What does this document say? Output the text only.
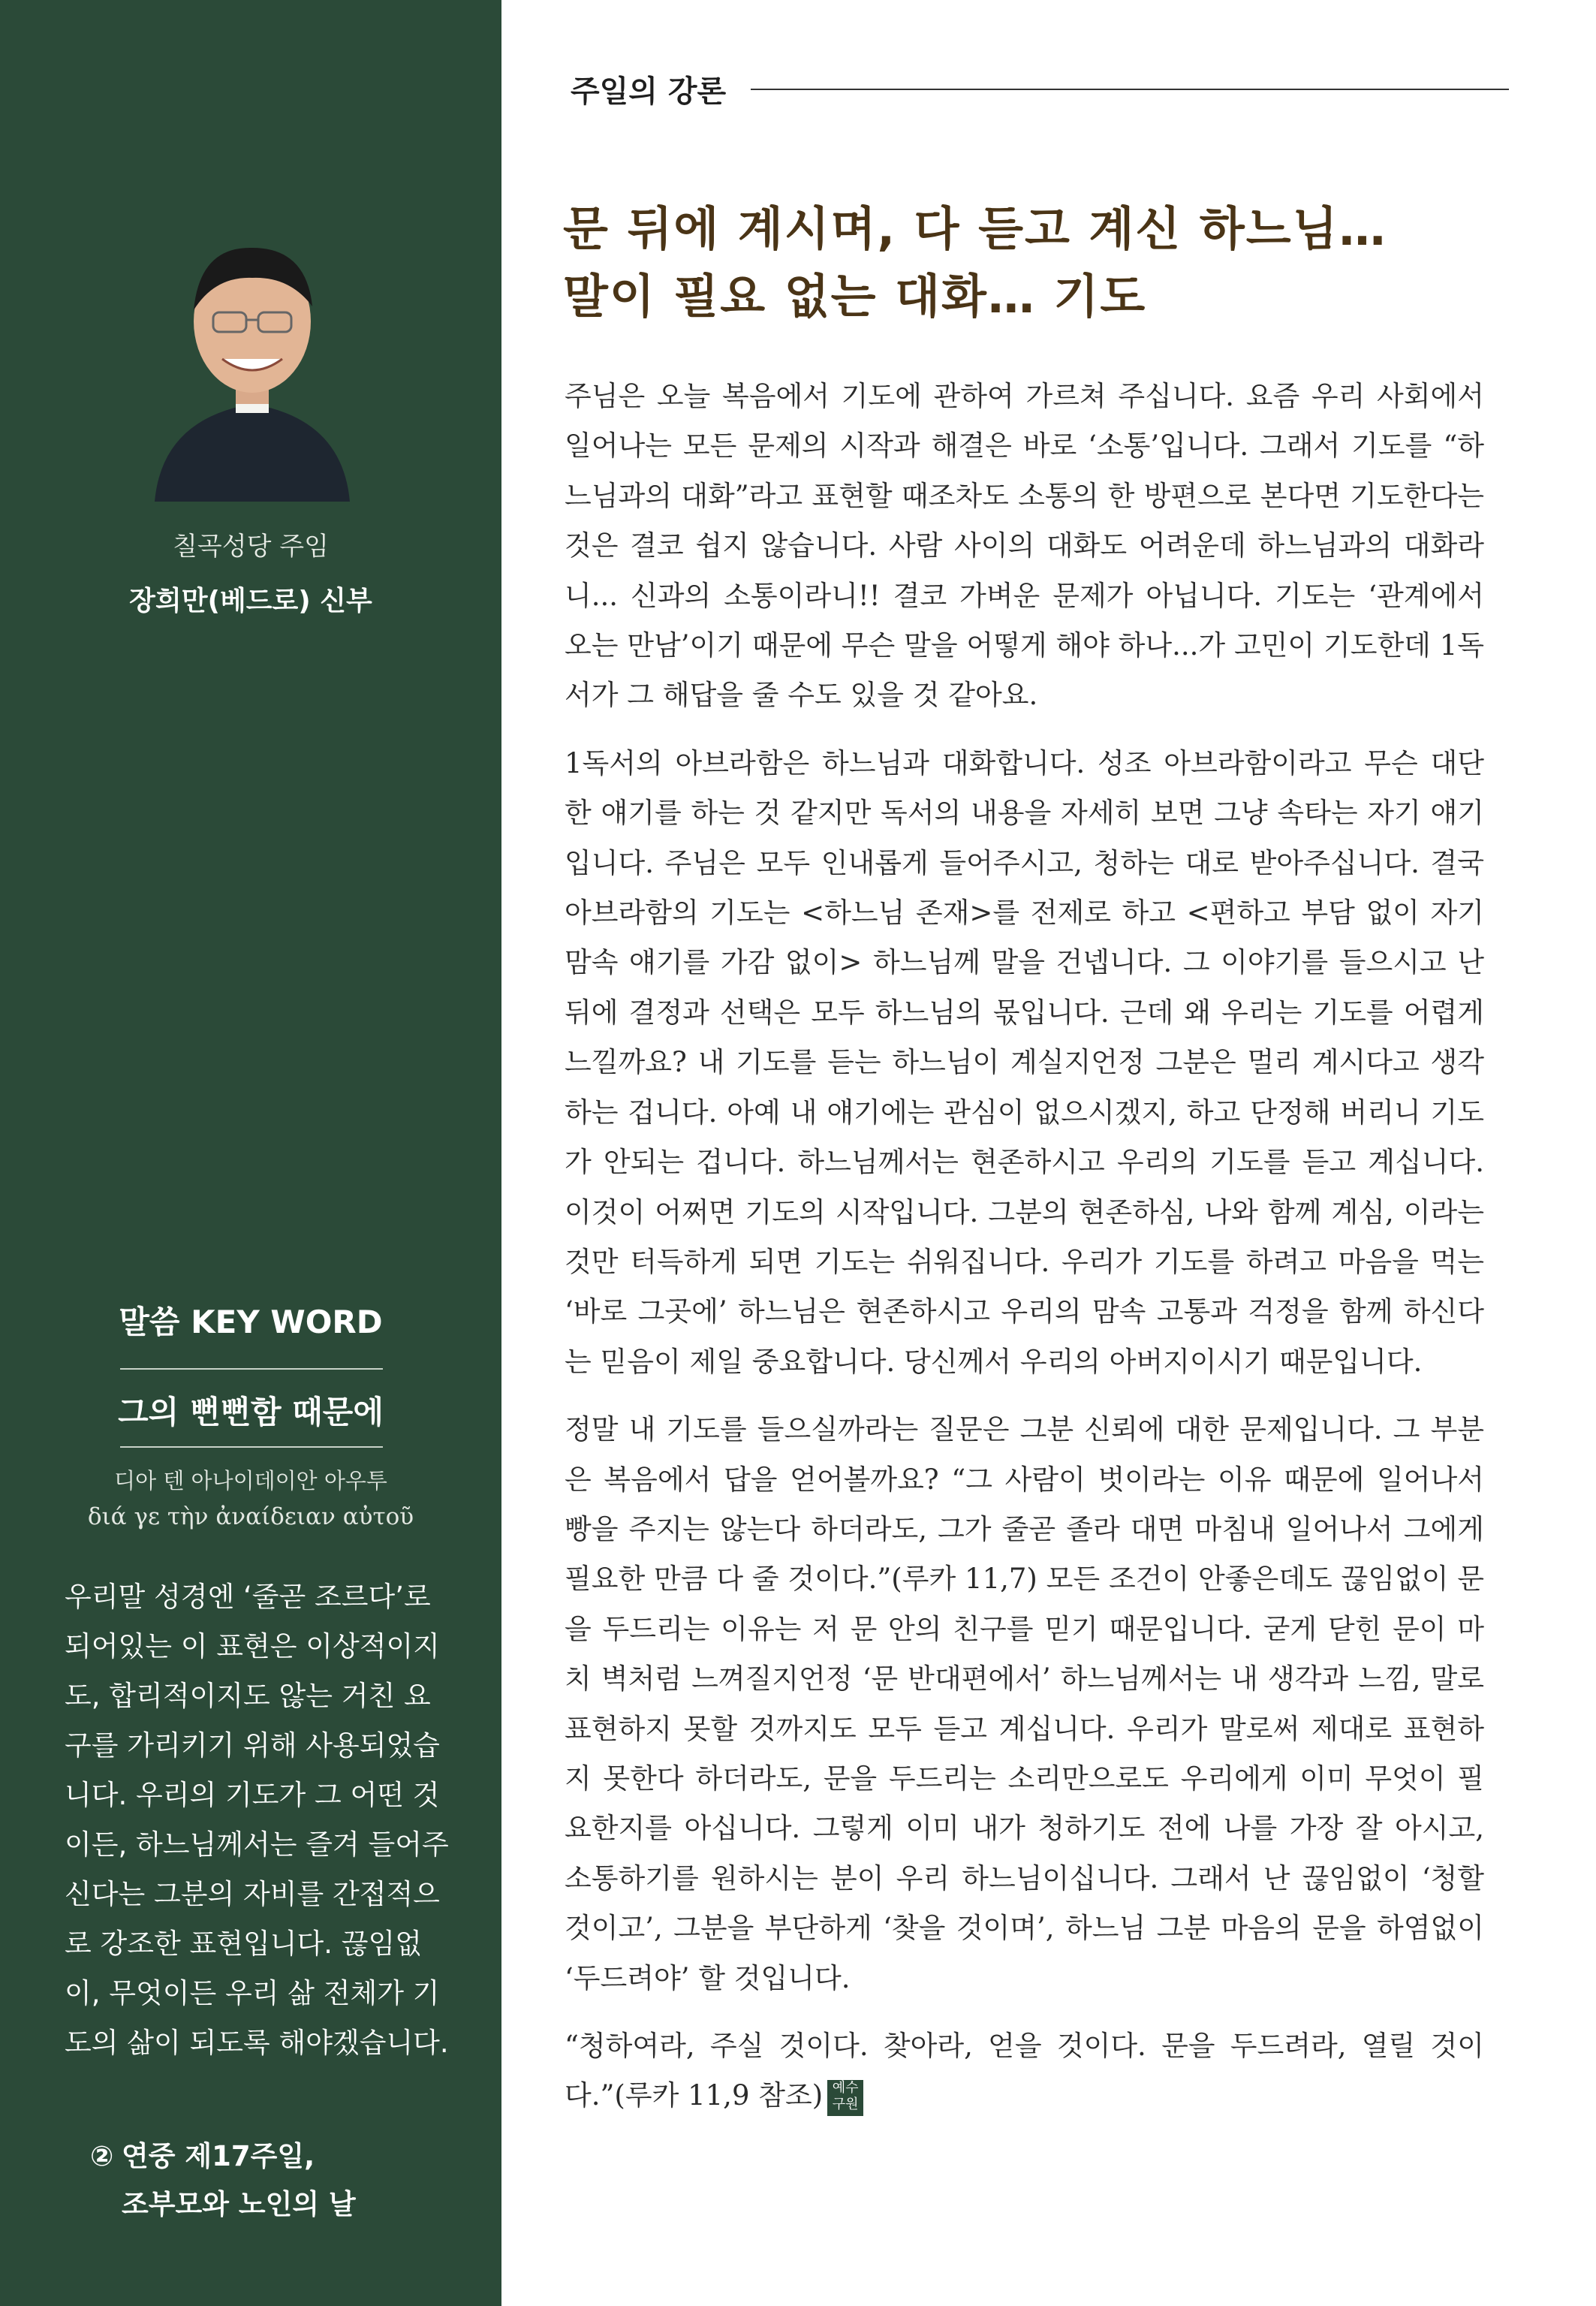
칠곡성당 주임
장희만(베드로) 신부
말씀 KEY WORD
그의 뻔뻔함 때문에
디아 텐 아나이데이안 아우투
διά γε τὴν ἀναίδειαν αὐτοῦ

우리말 성경엔 ‘줄곧 조르다’로 되어있는 이 표현은 이상적이지도, 합리적이지도 않는 거친 요구를 가리키기 위해 사용되었습니다. 우리의 기도가 그 어떤 것이든, 하느님께서는 즐겨 들어주신다는 그분의 자비를 간접적으로 강조한 표현입니다. 끊임없이, 무엇이든 우리 삶 전체가 기도의 삶이 되도록 해야겠습니다.

② 연중 제17주일,
조부모와 노인의 날
주일의 강론
문 뒤에 계시며, 다 듣고 계신 하느님…
말이 필요 없는 대화… 기도

주님은 오늘 복음에서 기도에 관하여 가르쳐 주십니다. 요즘 우리 사회에서 일어나는 모든 문제의 시작과 해결은 바로 ‘소통’입니다. 그래서 기도를 “하느님과의 대화”라고 표현할 때조차도 소통의 한 방편으로 본다면 기도한다는 것은 결코 쉽지 않습니다. 사람 사이의 대화도 어려운데 하느님과의 대화라니... 신과의 소통이라니!! 결코 가벼운 문제가 아닙니다. 기도는 ‘관계에서 오는 만남’이기 때문에 무슨 말을 어떻게 해야 하나...가 고민이 기도한데 1독서가 그 해답을 줄 수도 있을 것 같아요.

1독서의 아브라함은 하느님과 대화합니다. 성조 아브라함이라고 무슨 대단한 얘기를 하는 것 같지만 독서의 내용을 자세히 보면 그냥 속타는 자기 얘기입니다. 주님은 모두 인내롭게 들어주시고, 청하는 대로 받아주십니다. 결국 아브라함의 기도는 <하느님 존재>를 전제로 하고 <편하고 부담 없이 자기 맘속 얘기를 가감 없이> 하느님께 말을 건넵니다. 그 이야기를 들으시고 난 뒤에 결정과 선택은 모두 하느님의 몫입니다. 근데 왜 우리는 기도를 어렵게 느낄까요? 내 기도를 듣는 하느님이 계실지언정 그분은 멀리 계시다고 생각하는 겁니다. 아예 내 얘기에는 관심이 없으시겠지, 하고 단정해 버리니 기도가 안되는 겁니다. 하느님께서는 현존하시고 우리의 기도를 듣고 계십니다. 이것이 어쩌면 기도의 시작입니다. 그분의 현존하심, 나와 함께 계심, 이라는 것만 터득하게 되면 기도는 쉬워집니다. 우리가 기도를 하려고 마음을 먹는 ‘바로 그곳에’ 하느님은 현존하시고 우리의 맘속 고통과 걱정을 함께 하신다는 믿음이 제일 중요합니다. 당신께서 우리의 아버지이시기 때문입니다.

정말 내 기도를 들으실까라는 질문은 그분 신뢰에 대한 문제입니다. 그 부분은 복음에서 답을 얻어볼까요? “그 사람이 벗이라는 이유 때문에 일어나서 빵을 주지는 않는다 하더라도, 그가 줄곧 졸라 대면 마침내 일어나서 그에게 필요한 만큼 다 줄 것이다.”(루카 11,7) 모든 조건이 안좋은데도 끊임없이 문을 두드리는 이유는 저 문 안의 친구를 믿기 때문입니다. 굳게 닫힌 문이 마치 벽처럼 느껴질지언정 ‘문 반대편에서’ 하느님께서는 내 생각과 느낌, 말로 표현하지 못할 것까지도 모두 듣고 계십니다. 우리가 말로써 제대로 표현하지 못한다 하더라도, 문을 두드리는 소리만으로도 우리에게 이미 무엇이 필요한지를 아십니다. 그렇게 이미 내가 청하기도 전에 나를 가장 잘 아시고, 소통하기를 원하시는 분이 우리 하느님이십니다. 그래서 난 끊임없이 ‘청할 것이고’, 그분을 부단하게 ‘찾을 것이며’, 하느님 그분 마음의 문을 하염없이 ‘두드려야’ 할 것입니다.

“청하여라, 주실 것이다. 찾아라, 얻을 것이다. 문을 두드려라, 열릴 것이 다.”(루카 11,9 참조) 예수 구원
